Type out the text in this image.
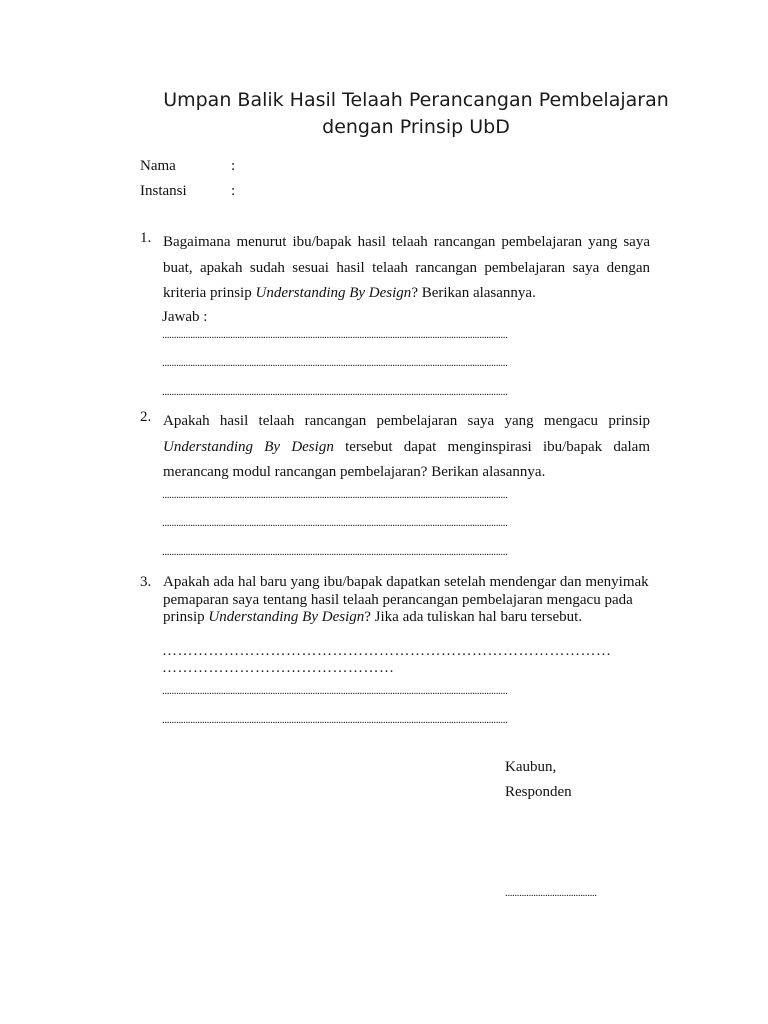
Umpan Balik Hasil Telaah Perancangan Pembelajaran dengan Prinsip UbD
Nama	:
Instansi	:
1. Bagaimana menurut ibu/bapak hasil telaah rancangan pembelajaran yang saya buat, apakah sudah sesuai hasil telaah rancangan pembelajaran saya dengan kriteria prinsip Understanding By Design? Berikan alasannya.
Jawab :
...................................................................................................................................................
...................................................................................................................................................
...................................................................................................................................................
2. Apakah hasil telaah rancangan pembelajaran saya yang mengacu prinsip Understanding By Design tersebut dapat menginspirasi ibu/bapak dalam merancang modul rancangan pembelajaran? Berikan alasannya.
...................................................................................................................................................
...................................................................................................................................................
...................................................................................................................................................
3. Apakah ada hal baru yang ibu/bapak dapatkan setelah mendengar dan menyimak pemaparan saya tentang hasil telaah perancangan pembelajaran mengacu pada prinsip Understanding By Design? Jika ada tuliskan hal baru tersebut.
……………………………………………………………………………
………………………………………
...................................................................................................................................................
...................................................................................................................................................
Kaubun,
Responden
.......................................
